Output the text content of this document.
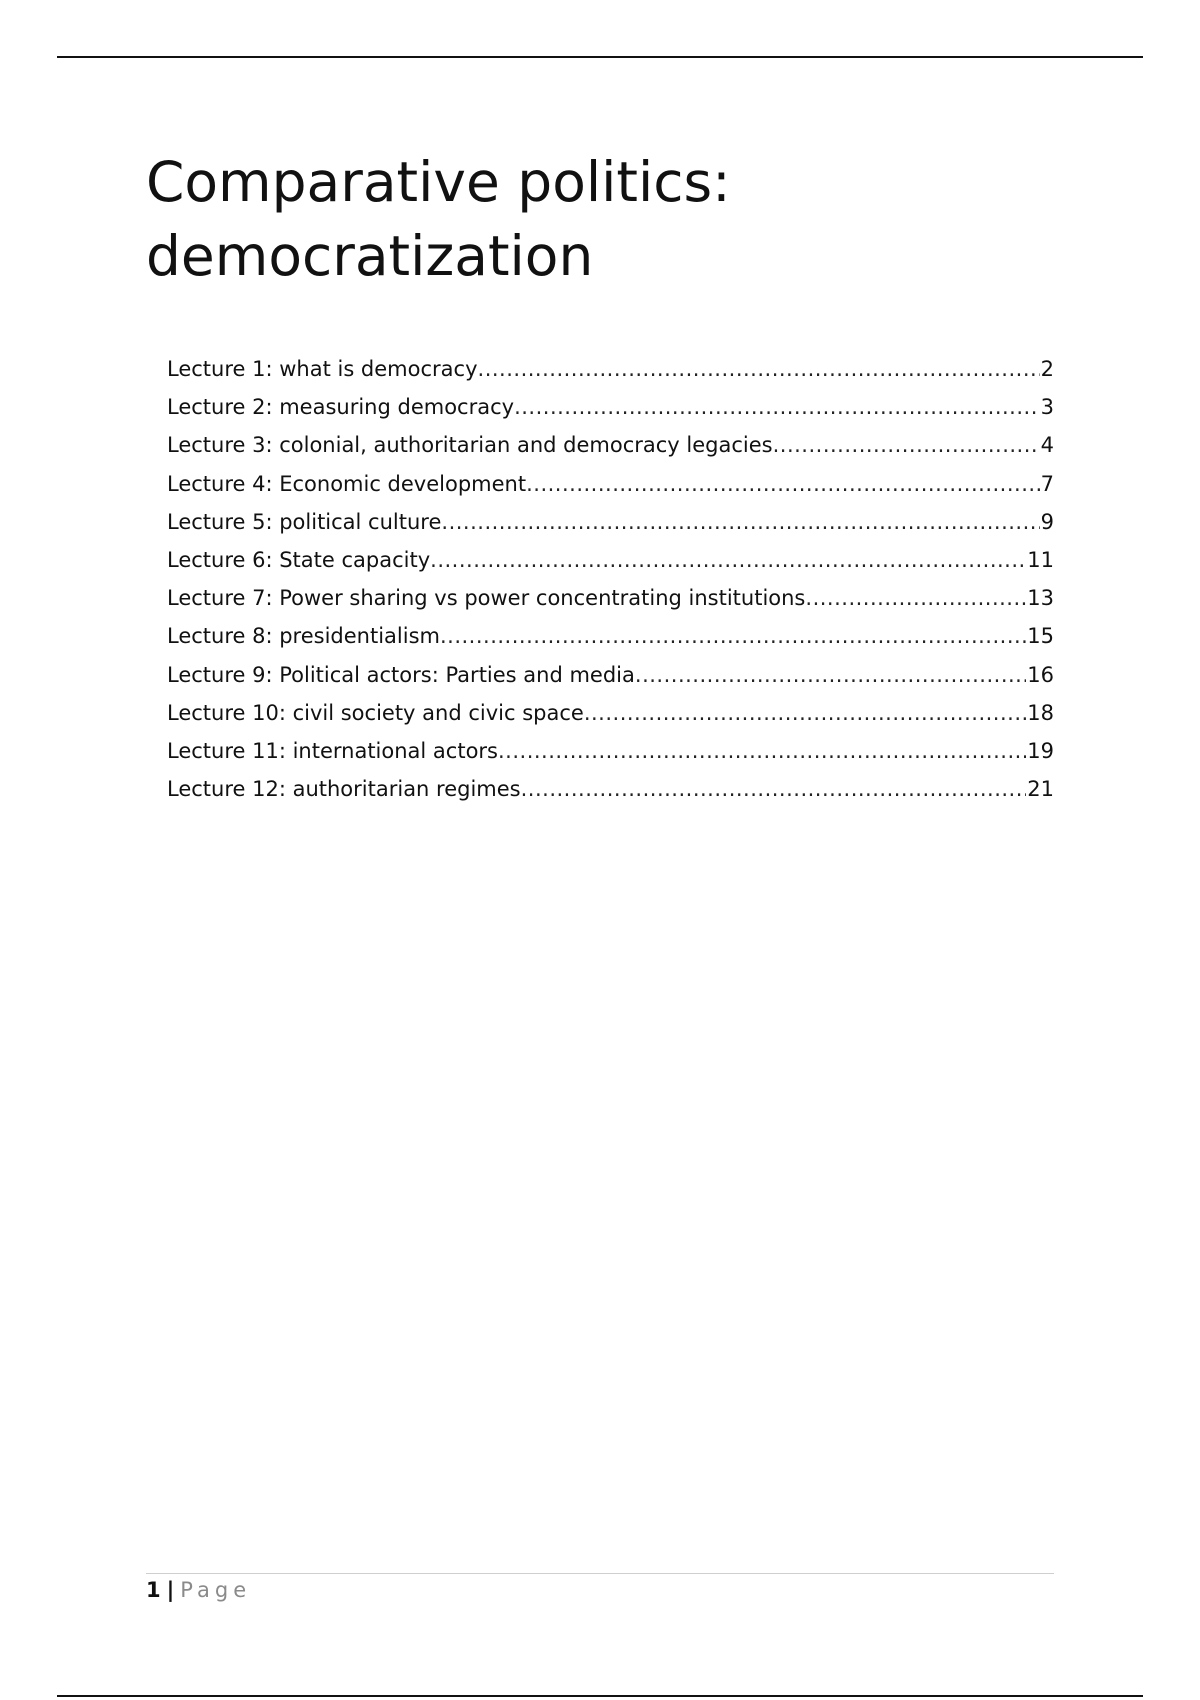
Comparative politics:
democratization
Lecture 1: what is democracy .....	2
Lecture 2: measuring democracy .....	3
Lecture 3: colonial, authoritarian and democracy legacies .....	4
Lecture 4: Economic development .....	7
Lecture 5: political culture .....	9
Lecture 6: State capacity .....	11
Lecture 7: Power sharing vs power concentrating institutions .....	13
Lecture 8: presidentialism .....	15
Lecture 9: Political actors: Parties and media .....	16
Lecture 10: civil society and civic space .....	18
Lecture 11: international actors .....	19
Lecture 12: authoritarian regimes .....	21
1 | Page
